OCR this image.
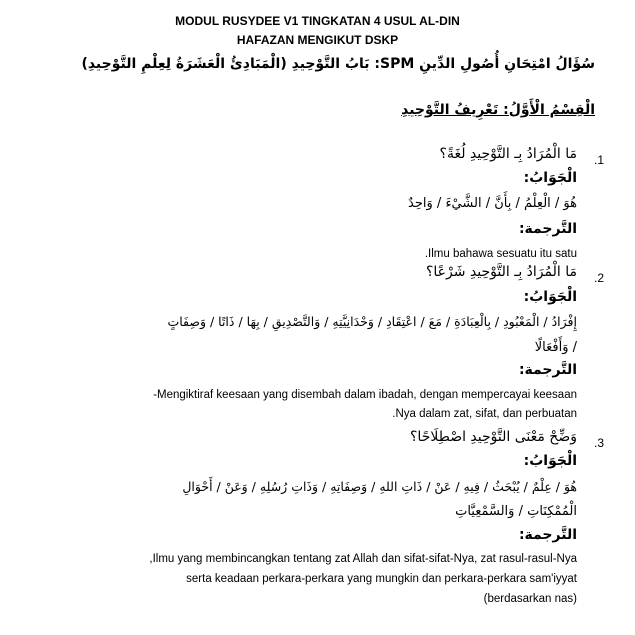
MODUL RUSYDEE V1 TINGKATAN 4 USUL AL-DIN
HAFAZAN MENGIKUT DSKP
سُؤَالُ امْتِحَانِ أُصُولِ الدِّينِ SPM: بَابُ التَّوْحِيدِ (الْمَبَادِئُ الْعَشَرَةُ لِعِلْمِ التَّوْحِيدِ)
الْقِسْمُ الْأَوَّلُ: تَعْرِيفُ التَّوْحِيدِ
.1
مَا الْمُرَادُ بِـ التَّوْحِيدِ لُغَةً؟
الْجَوَابُ:
هُوَ / الْعِلْمُ / بِأَنَّ / الشَّيْءَ / وَاحِدٌ
التَّرجمة:
Ilmu bahawa sesuatu itu satu.
.2
مَا الْمُرَادُ بِـ التَّوْحِيدِ شَرْعًا؟
الْجَوَابُ:
إِفْرَادُ / الْمَعْبُودِ / بِالْعِبَادَةِ / مَعَ / اعْتِقَادِ / وَحْدَانِيَّتِهِ / وَالتَّصْدِيقِ / بِهَا / ذَاتًا / وَصِفَاتٍ
/ وَأَفْعَالًا
التَّرجمة:
Mengiktiraf keesaan yang disembah dalam ibadah, dengan mempercayai keesaan-
Nya dalam zat, sifat, dan perbuatan.
.3
وَضِّحْ مَعْنَى التَّوْحِيدِ اصْطِلَاحًا؟
الْجَوَابُ:
هُوَ / عِلْمٌ / يُبْحَثُ / فِيهِ / عَنْ / ذَاتِ اللهِ / وَصِفَاتِهِ / وَذَاتِ رُسُلِهِ / وَعَنْ / أَحْوَالِ
الْمُمْكِنَاتِ / وَالسَّمْعِيَّاتِ
التَّرجمة:
Ilmu yang membincangkan tentang zat Allah dan sifat-sifat-Nya, zat rasul-rasul-Nya,
serta keadaan perkara-perkara yang mungkin dan perkara-perkara sam'iyyat
(berdasarkan nas)
